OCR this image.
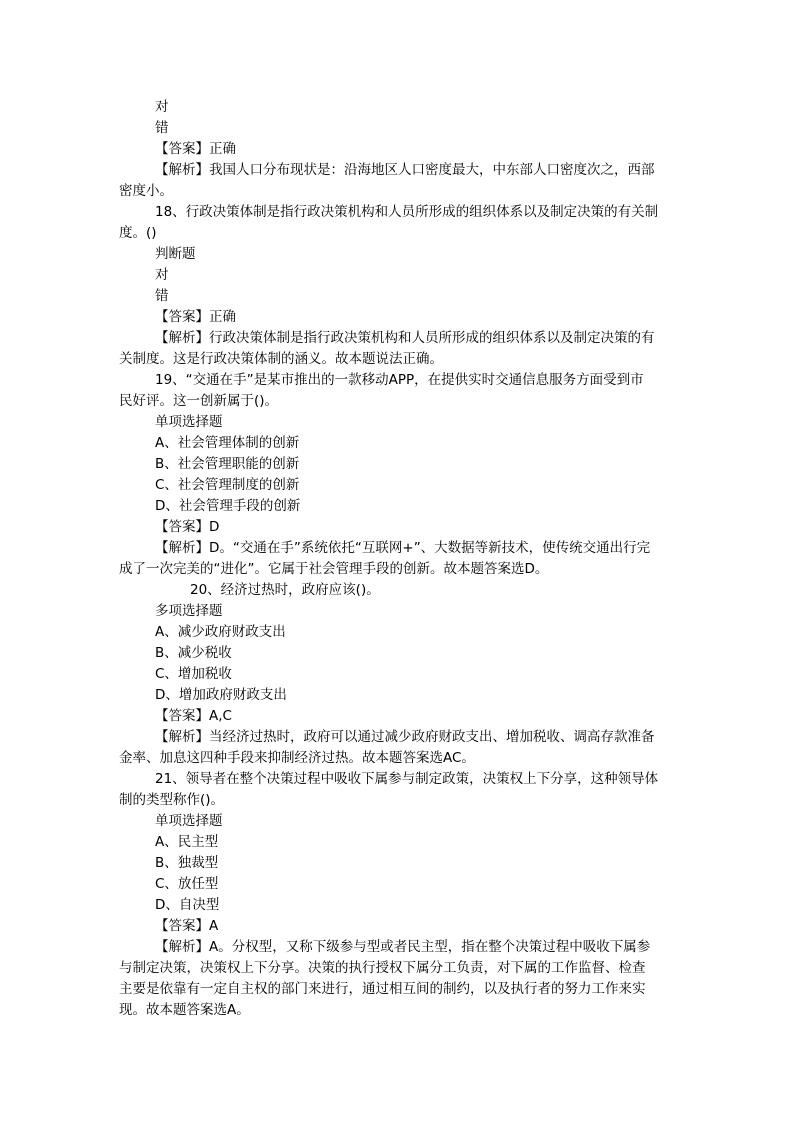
对
错
【答案】正确
【解析】我国人口分布现状是：沿海地区人口密度最大，中东部人口密度次之，西部
密度小。
18、行政决策体制是指行政决策机构和人员所形成的组织体系以及制定决策的有关制
度。()
判断题
对
错
【答案】正确
【解析】行政决策体制是指行政决策机构和人员所形成的组织体系以及制定决策的有
关制度。这是行政决策体制的涵义。故本题说法正确。
19、“交通在手”是某市推出的一款移动APP，在提供实时交通信息服务方面受到市
民好评。这一创新属于()。
单项选择题
A、社会管理体制的创新
B、社会管理职能的创新
C、社会管理制度的创新
D、社会管理手段的创新
【答案】D
【解析】D。“交通在手”系统依托“互联网+”、大数据等新技术，使传统交通出行完
成了一次完美的“进化”。它属于社会管理手段的创新。故本题答案选D。
20、经济过热时，政府应该()。
多项选择题
A、减少政府财政支出
B、减少税收
C、增加税收
D、增加政府财政支出
【答案】A,C
【解析】当经济过热时，政府可以通过减少政府财政支出、增加税收、调高存款准备
金率、加息这四种手段来抑制经济过热。故本题答案选AC。
21、领导者在整个决策过程中吸收下属参与制定政策，决策权上下分享，这种领导体
制的类型称作()。
单项选择题
A、民主型
B、独裁型
C、放任型
D、自决型
【答案】A
【解析】A。分权型，又称下级参与型或者民主型，指在整个决策过程中吸收下属参
与制定决策，决策权上下分享。决策的执行授权下属分工负责，对下属的工作监督、检查
主要是依靠有一定自主权的部门来进行，通过相互间的制约，以及执行者的努力工作来实
现。故本题答案选A。
